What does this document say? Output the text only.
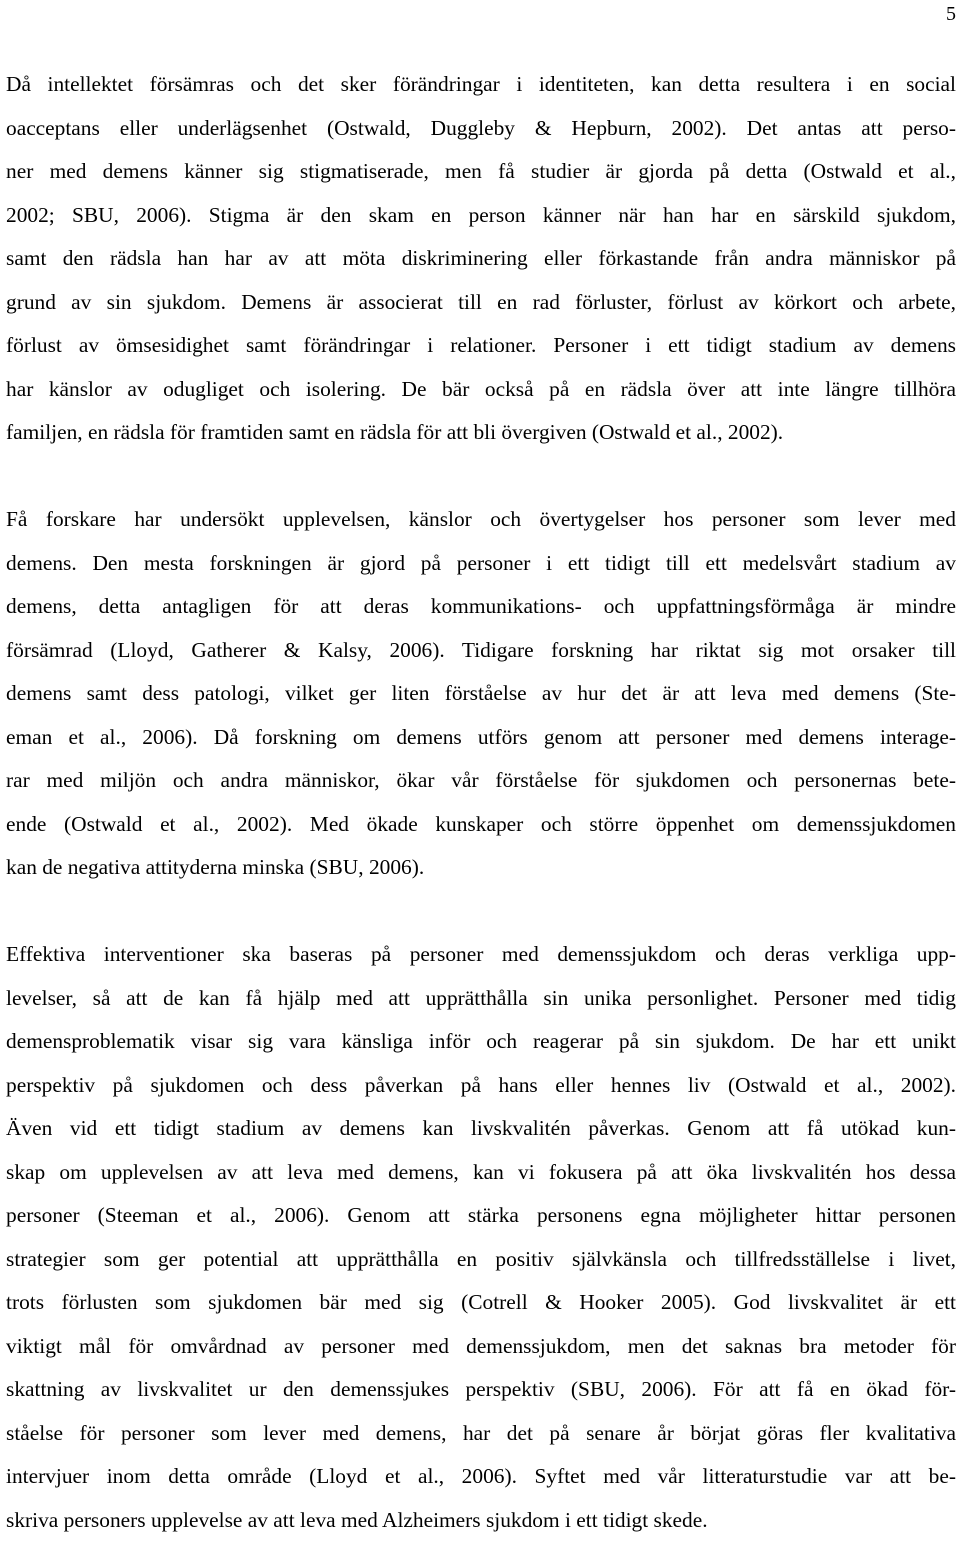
5
Då intellektet försämras och det sker förändringar i identiteten, kan detta resultera i en social
oacceptans eller underlägsenhet (Ostwald, Duggleby & Hepburn, 2002). Det antas att perso-
ner med demens känner sig stigmatiserade, men få studier är gjorda på detta (Ostwald et al.,
2002; SBU, 2006). Stigma är den skam en person känner när han har en särskild sjukdom,
samt den rädsla han har av att möta diskriminering eller förkastande från andra människor på
grund av sin sjukdom. Demens är associerat till en rad förluster, förlust av körkort och arbete,
förlust av ömsesidighet samt förändringar i relationer. Personer i ett tidigt stadium av demens
har känslor av odugliget och isolering. De bär också på en rädsla över att inte längre tillhöra
familjen, en rädsla för framtiden samt en rädsla för att bli övergiven (Ostwald et al., 2002).
Få forskare har undersökt upplevelsen, känslor och övertygelser hos personer som lever med
demens. Den mesta forskningen är gjord på personer i ett tidigt till ett medelsvårt stadium av
demens, detta antagligen för att deras kommunikations- och uppfattningsförmåga är mindre
försämrad (Lloyd, Gatherer & Kalsy, 2006). Tidigare forskning har riktat sig mot orsaker till
demens samt dess patologi, vilket ger liten förståelse av hur det är att leva med demens (Ste-
eman et al., 2006). Då forskning om demens utförs genom att personer med demens interage-
rar med miljön och andra människor, ökar vår förståelse för sjukdomen och personernas bete-
ende (Ostwald et al., 2002). Med ökade kunskaper och större öppenhet om demenssjukdomen
kan de negativa attityderna minska (SBU, 2006).
Effektiva interventioner ska baseras på personer med demenssjukdom och deras verkliga upp-
levelser, så att de kan få hjälp med att upprätthålla sin unika personlighet. Personer med tidig
demensproblematik visar sig vara känsliga inför och reagerar på sin sjukdom. De har ett unikt
perspektiv på sjukdomen och dess påverkan på hans eller hennes liv (Ostwald et al., 2002).
Även vid ett tidigt stadium av demens kan livskvalitén påverkas. Genom att få utökad kun-
skap om upplevelsen av att leva med demens, kan vi fokusera på att öka livskvalitén hos dessa
personer (Steeman et al., 2006). Genom att stärka personens egna möjligheter hittar personen
strategier som ger potential att upprätthålla en positiv självkänsla och tillfredsställelse i livet,
trots förlusten som sjukdomen bär med sig (Cotrell & Hooker 2005). God livskvalitet är ett
viktigt mål för omvårdnad av personer med demenssjukdom, men det saknas bra metoder för
skattning av livskvalitet ur den demenssjukes perspektiv (SBU, 2006). För att få en ökad för-
ståelse för personer som lever med demens, har det på senare år börjat göras fler kvalitativa
intervjuer inom detta område (Lloyd et al., 2006). Syftet med vår litteraturstudie var att be-
skriva personers upplevelse av att leva med Alzheimers sjukdom i ett tidigt skede.
